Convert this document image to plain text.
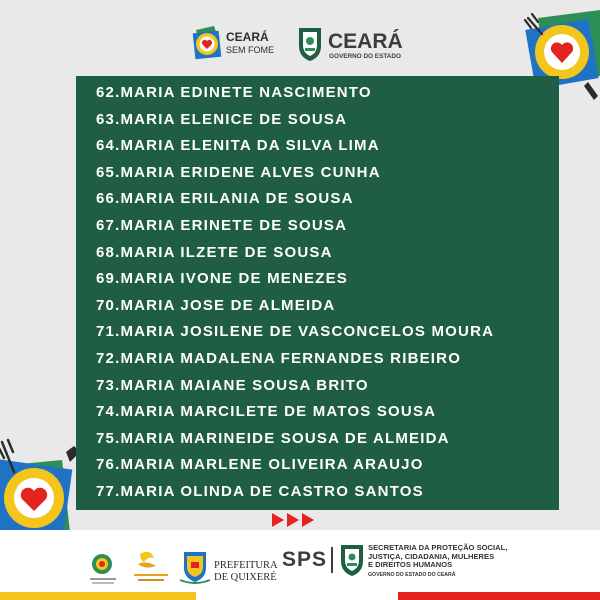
CEARÁ
SEM FOME	CEARÁ
GOVERNO DO ESTADO
62.MARIA EDINETE NASCIMENTO
63.MARIA ELENICE DE SOUSA
64.MARIA ELENITA DA SILVA LIMA
65.MARIA ERIDENE ALVES CUNHA
66.MARIA ERILANIA DE SOUSA
67.MARIA ERINETE DE SOUSA
68.MARIA ILZETE DE SOUSA
69.MARIA IVONE DE MENEZES
70.MARIA JOSE DE ALMEIDA
71.MARIA JOSILENE DE VASCONCELOS MOURA
72.MARIA MADALENA FERNANDES RIBEIRO
73.MARIA MAIANE SOUSA BRITO
74.MARIA MARCILETE DE MATOS SOUSA
75.MARIA MARINEIDE SOUSA DE ALMEIDA
76.MARIA MARLENE OLIVEIRA ARAUJO
77.MARIA OLINDA DE CASTRO SANTOS
PREFEITURA
DE QUIXERÉ
SPS
SECRETARIA DA PROTEÇÃO SOCIAL,
JUSTIÇA, CIDADANIA, MULHERES
E DIREITOS HUMANOS
GOVERNO DO ESTADO DO CEARÁ
